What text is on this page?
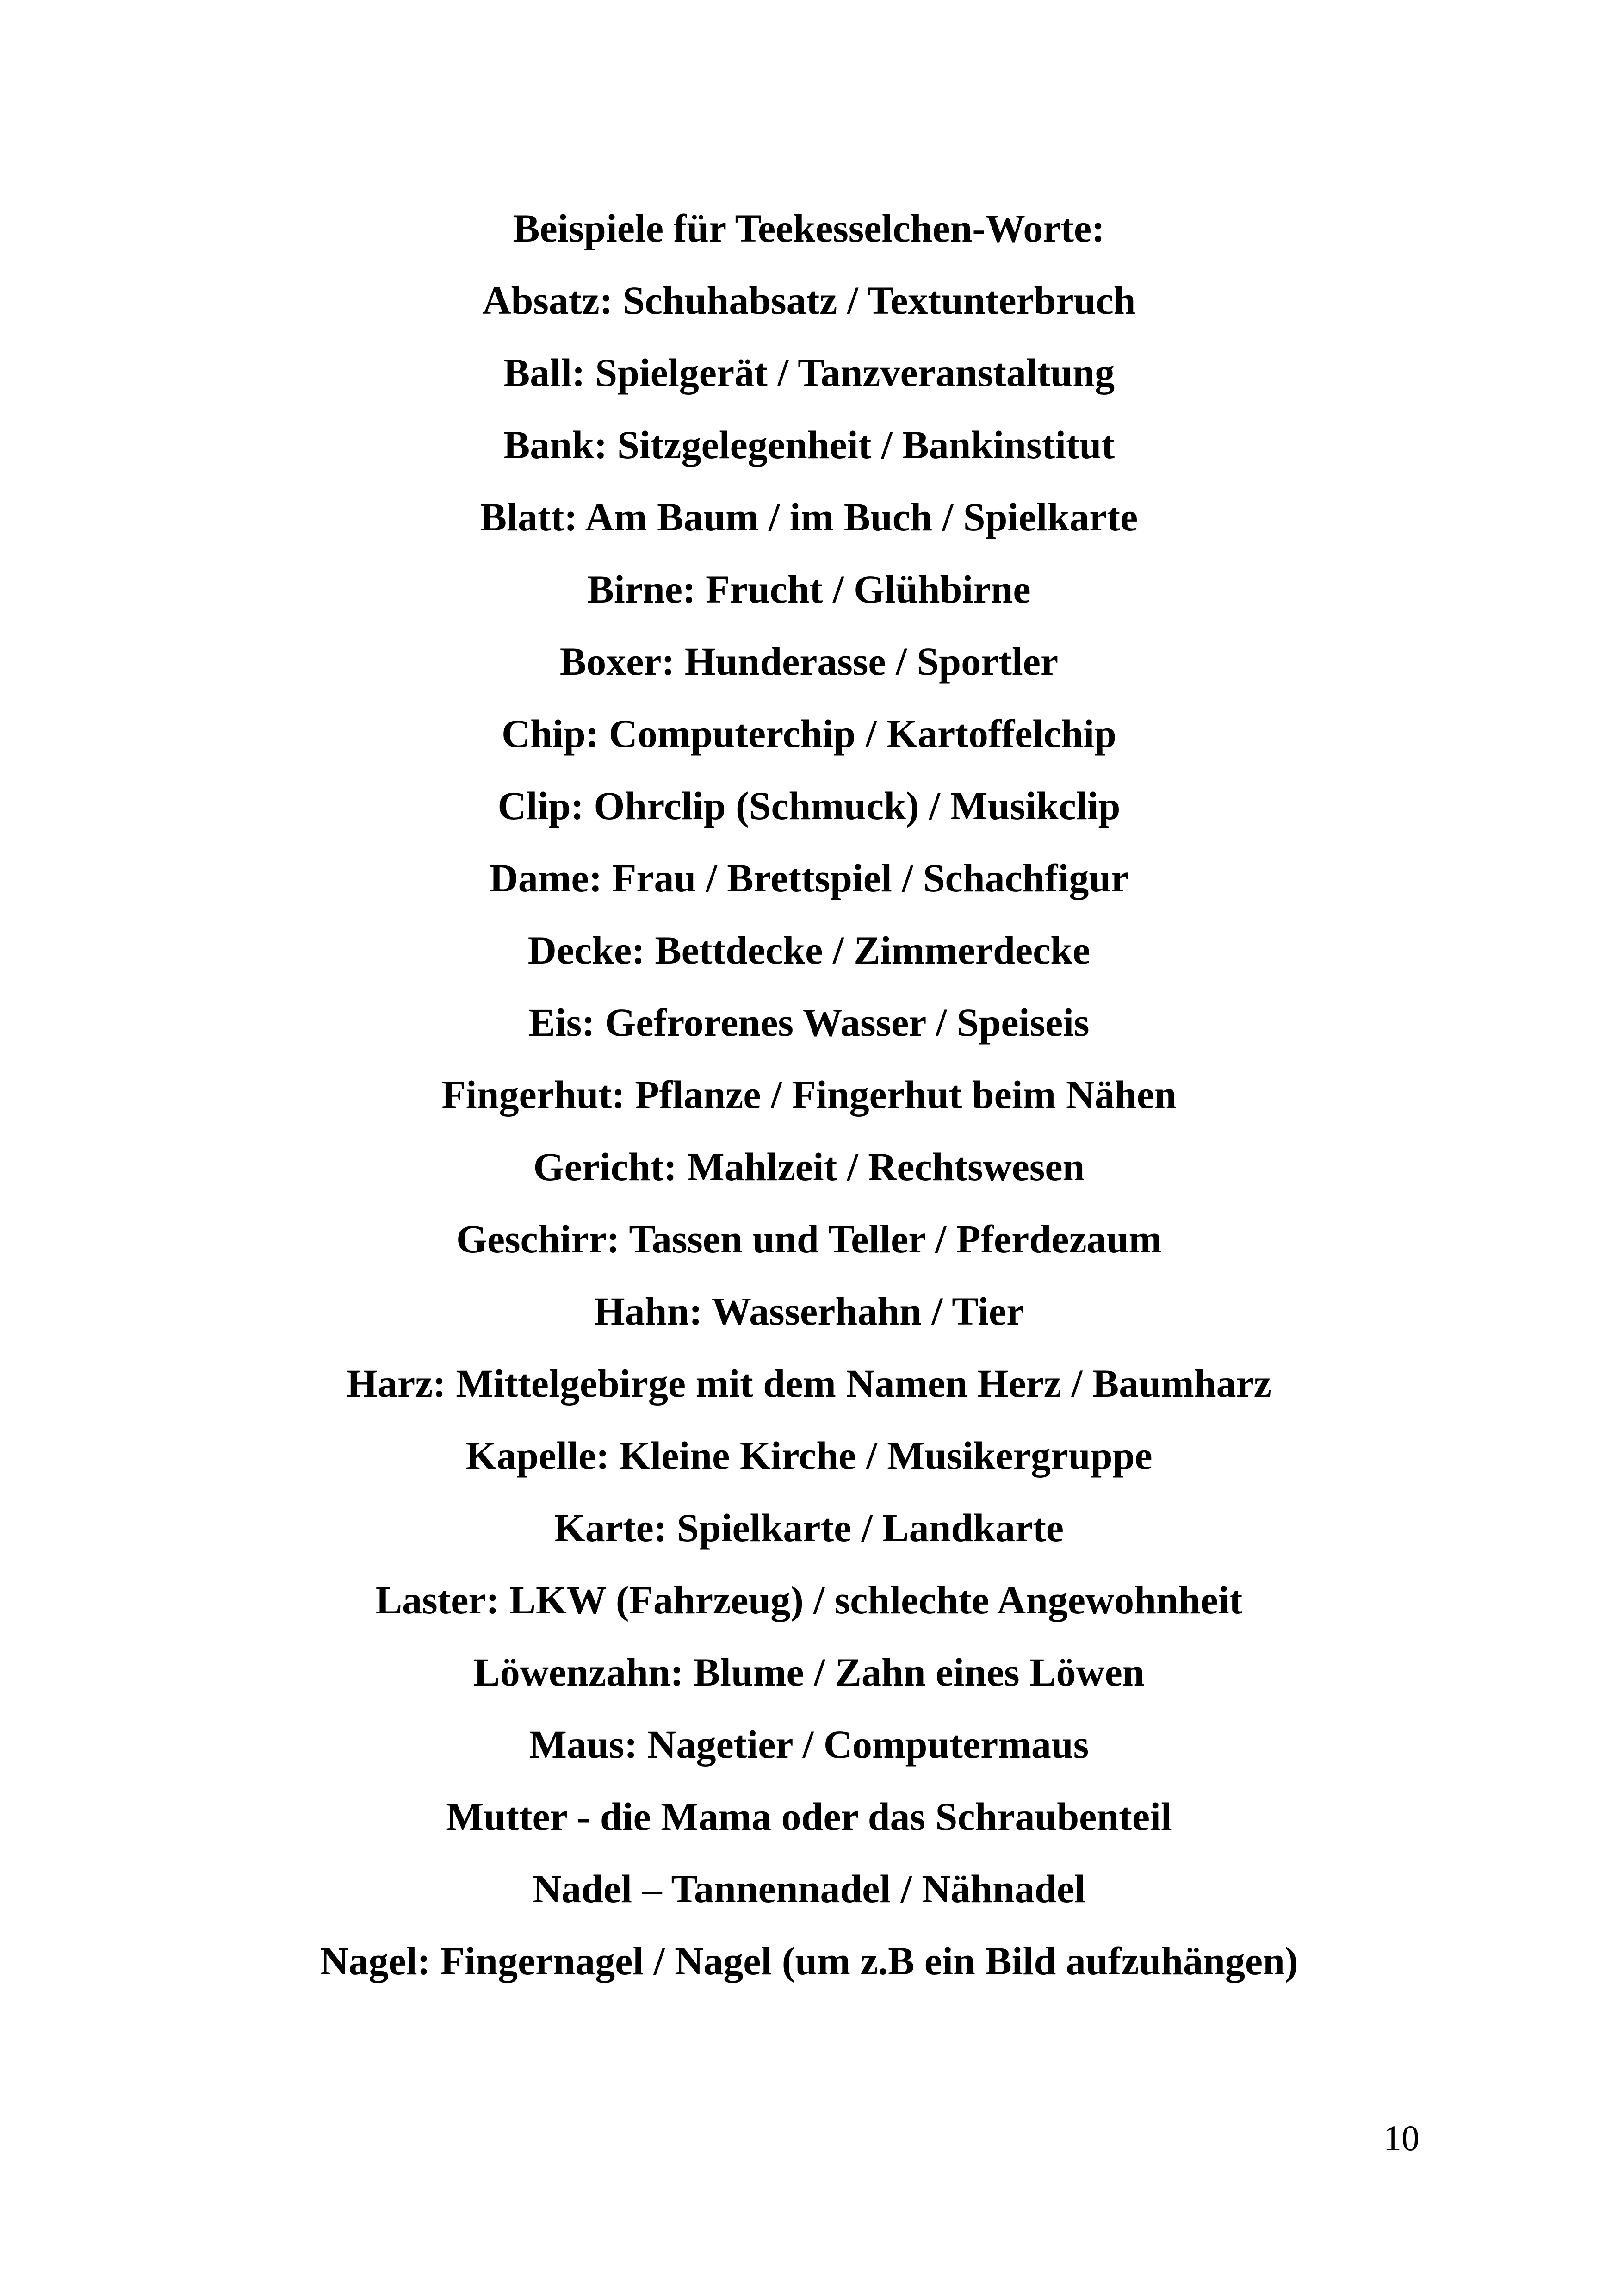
Beispiele für Teekesselchen-Worte:

Absatz: Schuhabsatz / Textunterbruch

Ball: Spielgerät / Tanzveranstaltung

Bank: Sitzgelegenheit / Bankinstitut

Blatt: Am Baum / im Buch / Spielkarte

Birne: Frucht / Glühbirne

Boxer: Hunderasse / Sportler

Chip: Computerchip / Kartoffelchip

Clip: Ohrclip (Schmuck) / Musikclip

Dame: Frau / Brettspiel / Schachfigur

Decke: Bettdecke / Zimmerdecke

Eis: Gefrorenes Wasser / Speiseis

Fingerhut: Pflanze / Fingerhut beim Nähen

Gericht: Mahlzeit / Rechtswesen

Geschirr: Tassen und Teller / Pferdezaum

Hahn: Wasserhahn / Tier

Harz: Mittelgebirge mit dem Namen Herz / Baumharz

Kapelle: Kleine Kirche / Musikergruppe

Karte: Spielkarte / Landkarte

Laster: LKW (Fahrzeug) / schlechte Angewohnheit

Löwenzahn: Blume / Zahn eines Löwen

Maus: Nagetier / Computermaus

Mutter - die Mama oder das Schraubenteil

Nadel – Tannennadel / Nähnadel

Nagel: Fingernagel / Nagel (um z.B ein Bild aufzuhängen)

10
